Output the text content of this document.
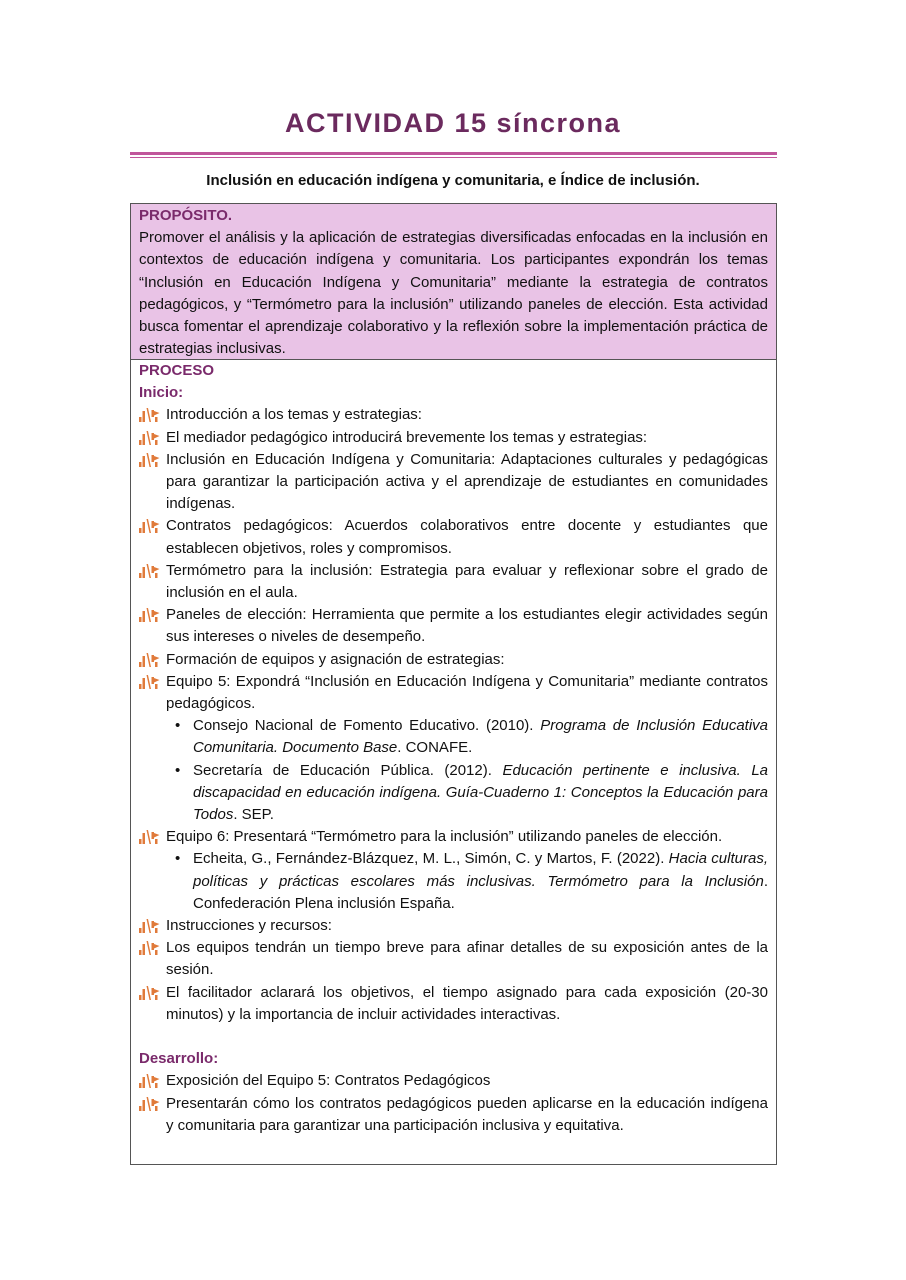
ACTIVIDAD 15 síncrona
Inclusión en educación indígena y comunitaria, e Índice de inclusión.
PROPÓSITO.
Promover el análisis y la aplicación de estrategias diversificadas enfocadas en la inclusión en contextos de educación indígena y comunitaria. Los participantes expondrán los temas “Inclusión en Educación Indígena y Comunitaria” mediante la estrategia de contratos pedagógicos, y “Termómetro para la inclusión” utilizando paneles de elección. Esta actividad busca fomentar el aprendizaje colaborativo y la reflexión sobre la implementación práctica de estrategias inclusivas.
PROCESO
Inicio:
Introducción a los temas y estrategias:
El mediador pedagógico introducirá brevemente los temas y estrategias:
Inclusión en Educación Indígena y Comunitaria: Adaptaciones culturales y pedagógicas para garantizar la participación activa y el aprendizaje de estudiantes en comunidades indígenas.
Contratos pedagógicos: Acuerdos colaborativos entre docente y estudiantes que establecen objetivos, roles y compromisos.
Termómetro para la inclusión: Estrategia para evaluar y reflexionar sobre el grado de inclusión en el aula.
Paneles de elección: Herramienta que permite a los estudiantes elegir actividades según sus intereses o niveles de desempeño.
Formación de equipos y asignación de estrategias:
Equipo 5: Expondrá “Inclusión en Educación Indígena y Comunitaria” mediante contratos pedagógicos.
• Consejo Nacional de Fomento Educativo. (2010). Programa de Inclusión Educativa Comunitaria. Documento Base. CONAFE.
• Secretaría de Educación Pública. (2012). Educación pertinente e inclusiva. La discapacidad en educación indígena. Guía-Cuaderno 1: Conceptos la Educación para Todos. SEP.
Equipo 6: Presentará “Termómetro para la inclusión” utilizando paneles de elección.
• Echeita, G., Fernández-Blázquez, M. L., Simón, C. y Martos, F. (2022). Hacia culturas, políticas y prácticas escolares más inclusivas. Termómetro para la Inclusión. Confederación Plena inclusión España.
Instrucciones y recursos:
Los equipos tendrán un tiempo breve para afinar detalles de su exposición antes de la sesión.
El facilitador aclarará los objetivos, el tiempo asignado para cada exposición (20-30 minutos) y la importancia de incluir actividades interactivas.
Desarrollo:
Exposición del Equipo 5: Contratos Pedagógicos
Presentarán cómo los contratos pedagógicos pueden aplicarse en la educación indígena y comunitaria para garantizar una participación inclusiva y equitativa.
